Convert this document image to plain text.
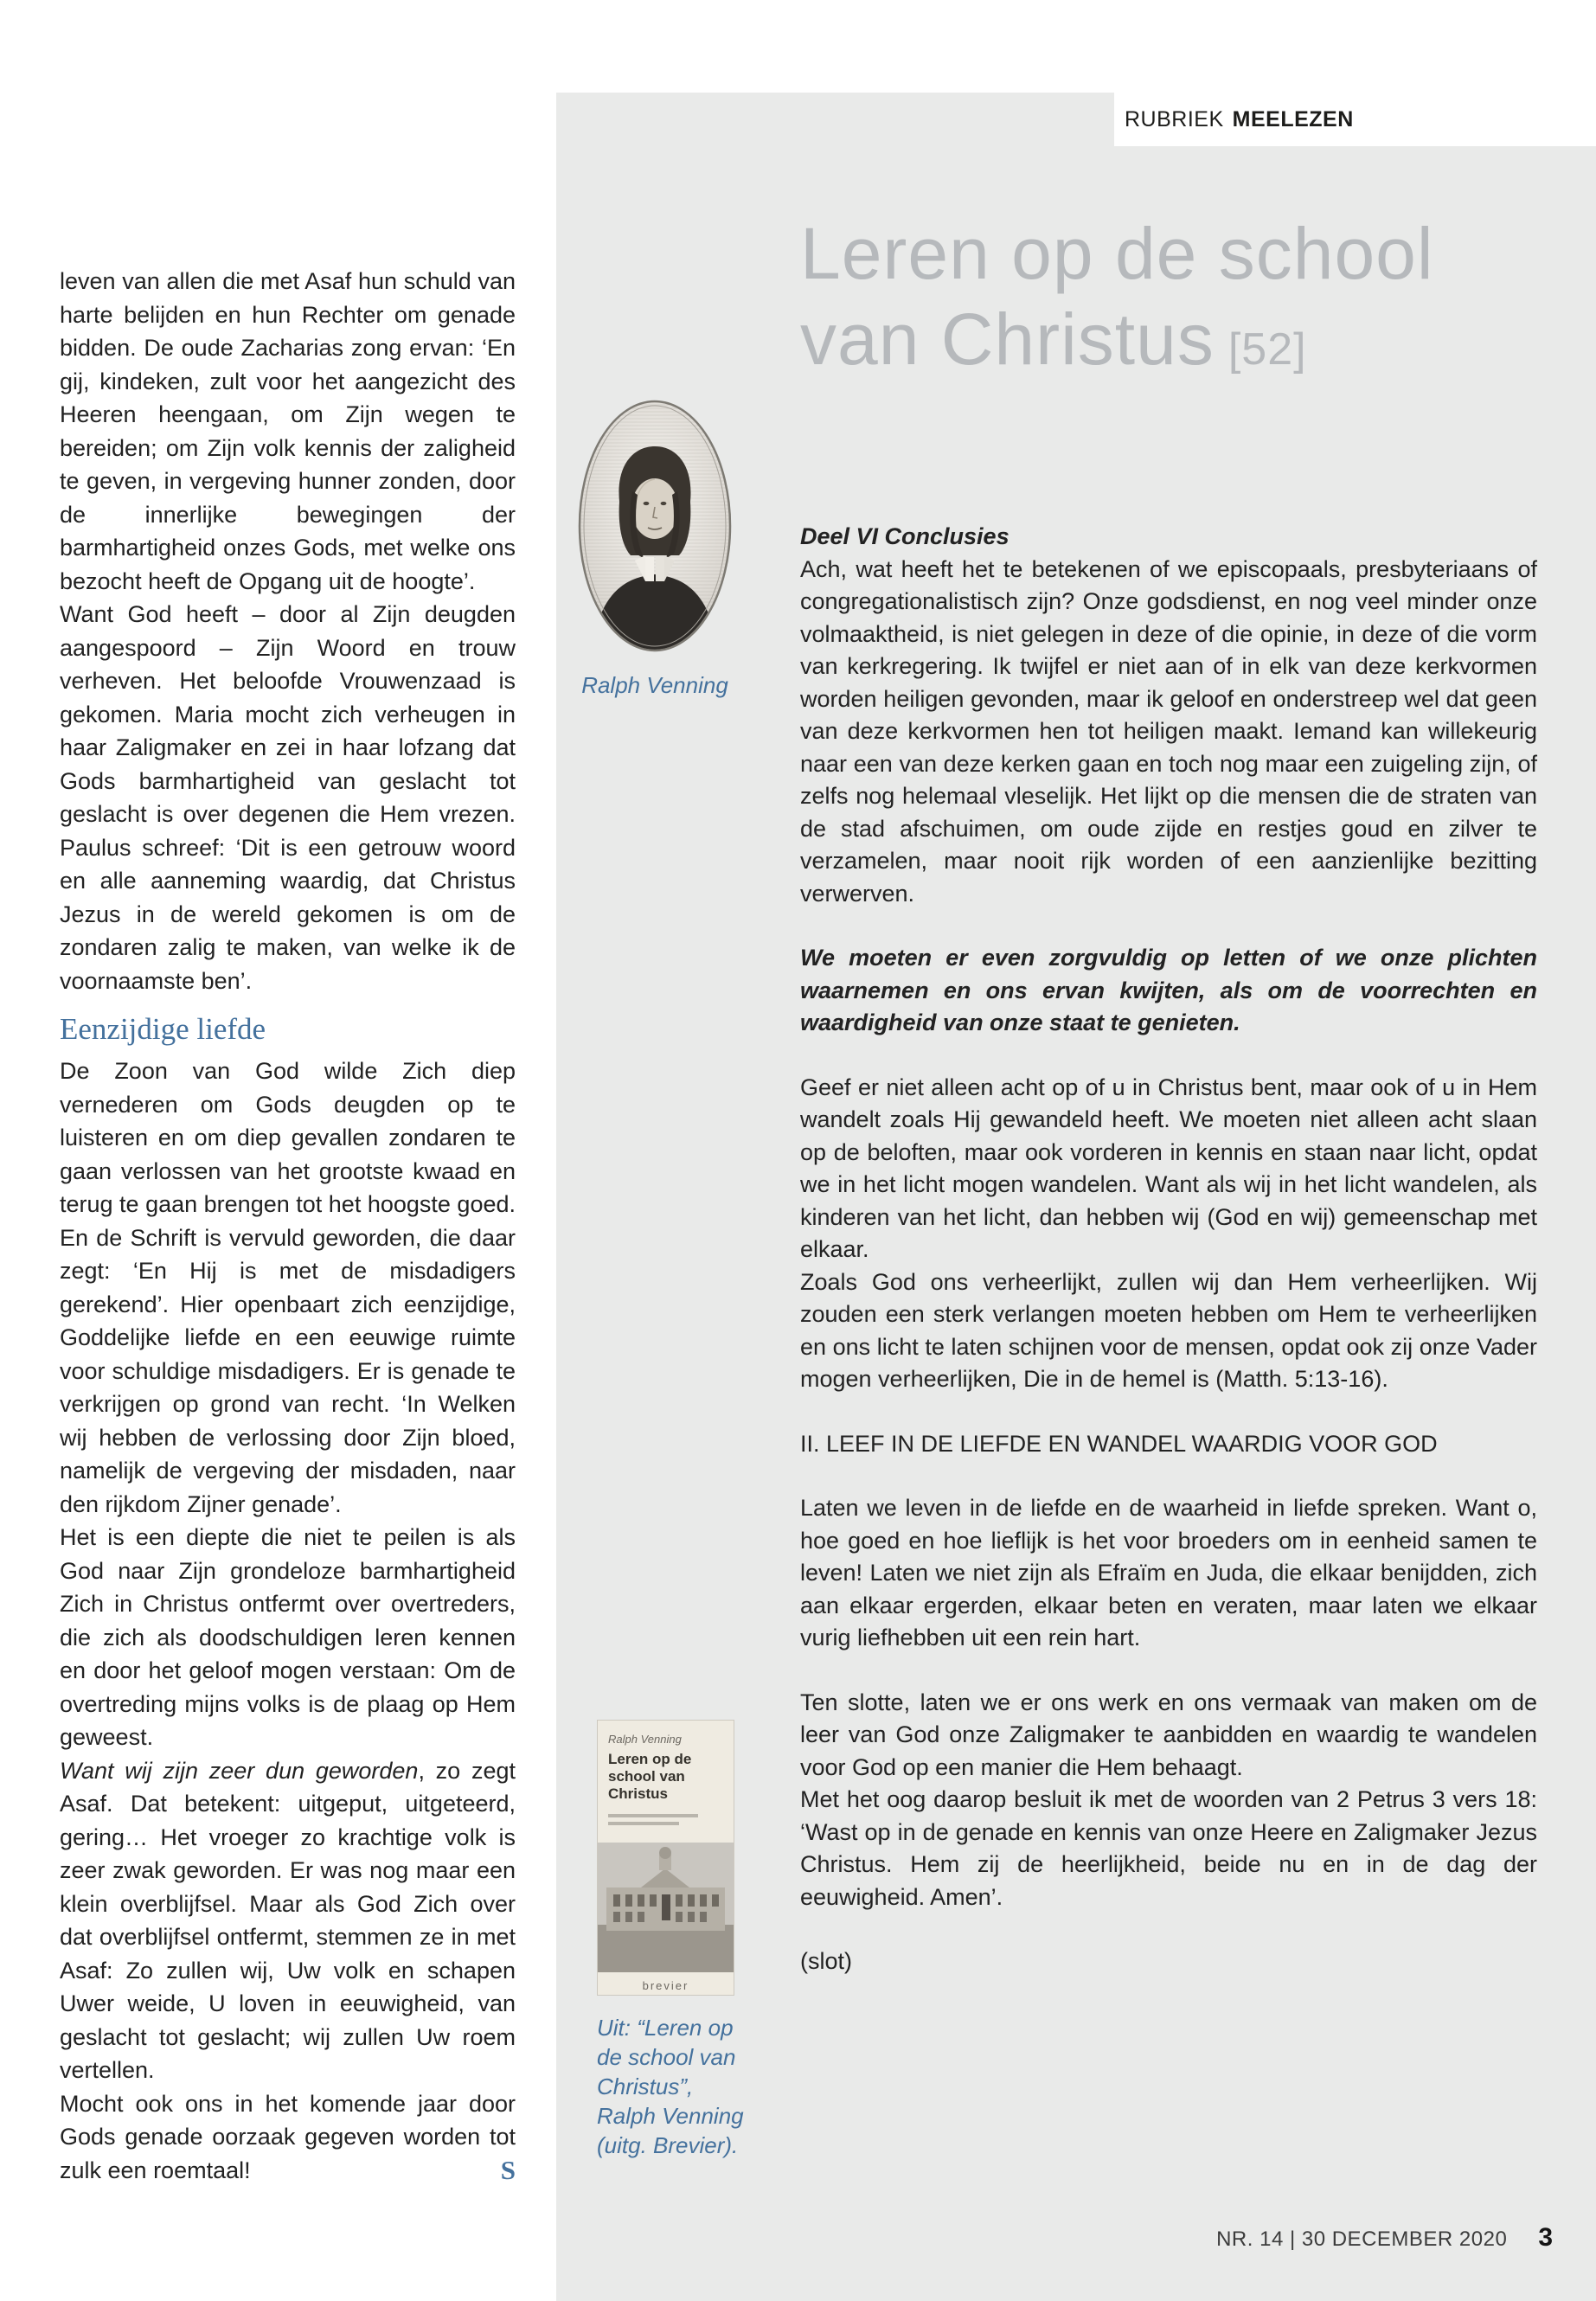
RUBRIEK MEELEZEN
Leren op de school
van Christus [52]
Ralph Venning

Deel VI Conclusies

Ach, wat heeft het te betekenen of we episcopaals, presbyteriaans of congregationalistisch zijn? Onze godsdienst, en nog veel minder onze volmaaktheid, is niet gelegen in deze of die opinie, in deze of die vorm van kerkregering. Ik twijfel er niet aan of in elk van deze kerkvormen worden heiligen gevonden, maar ik geloof en onderstreep wel dat geen van deze kerkvormen hen tot heiligen maakt. Iemand kan willekeurig naar een van deze kerken gaan en toch nog maar een zuigeling zijn, of zelfs nog helemaal vleselijk. Het lijkt op die mensen die de straten van de stad afschuimen, om oude zijde en restjes goud en zilver te verzamelen, maar nooit rijk worden of een aanzienlijke bezitting verwerven.

We moeten er even zorgvuldig op letten of we onze plichten waarnemen en ons ervan kwijten, als om de voorrechten en waardigheid van onze staat te genieten.

Geef er niet alleen acht op of u in Christus bent, maar ook of u in Hem wandelt zoals Hij gewandeld heeft. We moeten niet alleen acht slaan op de beloften, maar ook vorderen in kennis en staan naar licht, opdat we in het licht mogen wandelen. Want als wij in het licht wandelen, als kinderen van het licht, dan hebben wij (God en wij) gemeenschap met elkaar.

Zoals God ons verheerlijkt, zullen wij dan Hem verheerlijken. Wij zouden een sterk verlangen moeten hebben om Hem te verheerlijken en ons licht te laten schijnen voor de mensen, opdat ook zij onze Vader mogen verheerlijken, Die in de hemel is (Matth. 5:13-16).

II. LEEF IN DE LIEFDE EN WANDEL WAARDIG VOOR GOD

Laten we leven in de liefde en de waarheid in liefde spreken. Want o, hoe goed en hoe lieflijk is het voor broeders om in eenheid samen te leven! Laten we niet zijn als Efraïm en Juda, die elkaar benijdden, zich aan elkaar ergerden, elkaar beten en veraten, maar laten we elkaar vurig liefhebben uit een rein hart.

Ten slotte, laten we er ons werk en ons vermaak van maken om de leer van God onze Zaligmaker te aanbidden en waardig te wandelen voor God op een manier die Hem behaagt.

Met het oog daarop besluit ik met de woorden van 2 Petrus 3 vers 18: ‘Wast op in de genade en kennis van onze Heere en Zaligmaker Jezus Christus. Hem zij de heerlijkheid, beide nu en in de dag der eeuwigheid. Amen’.

(slot)

leven van allen die met Asaf hun schuld van harte belijden en hun Rechter om genade bidden. De oude Zacharias zong ervan: ‘En gij, kindeken, zult voor het aangezicht des Heeren heengaan, om Zijn wegen te bereiden; om Zijn volk kennis der zaligheid te geven, in vergeving hunner zonden, door de innerlijke bewegingen der barmhartigheid onzes Gods, met welke ons bezocht heeft de Opgang uit de hoogte’.

Want God heeft – door al Zijn deugden aangespoord – Zijn Woord en trouw verheven. Het beloofde Vrouwenzaad is gekomen. Maria mocht zich verheugen in haar Zaligmaker en zei in haar lofzang dat Gods barmhartigheid van geslacht tot geslacht is over degenen die Hem vrezen. Paulus schreef: ‘Dit is een getrouw woord en alle aanneming waardig, dat Christus Jezus in de wereld gekomen is om de zondaren zalig te maken, van welke ik de voornaamste ben’.

Eenzijdige liefde

De Zoon van God wilde Zich diep vernederen om Gods deugden op te luisteren en om diep gevallen zondaren te gaan verlossen van het grootste kwaad en terug te gaan brengen tot het hoogste goed. En de Schrift is vervuld geworden, die daar zegt: ‘En Hij is met de misdadigers gerekend’. Hier openbaart zich eenzijdige, Goddelijke liefde en een eeuwige ruimte voor schuldige misdadigers. Er is genade te verkrijgen op grond van recht. ‘In Welken wij hebben de verlossing door Zijn bloed, namelijk de vergeving der misdaden, naar den rijkdom Zijner genade’.

Het is een diepte die niet te peilen is als God naar Zijn grondeloze barmhartigheid Zich in Christus ontfermt over overtreders, die zich als doodschuldigen leren kennen en door het geloof mogen verstaan: Om de overtreding mijns volks is de plaag op Hem geweest.

Want wij zijn zeer dun geworden, zo zegt Asaf. Dat betekent: uitgeput, uitgeteerd, gering… Het vroeger zo krachtige volk is zeer zwak geworden. Er was nog maar een klein overblijfsel. Maar als God Zich over dat overblijfsel ontfermt, stemmen ze in met Asaf: Zo zullen wij, Uw volk en schapen Uwer weide, U loven in eeuwigheid, van geslacht tot geslacht; wij zullen Uw roem vertellen.

Mocht ook ons in het komende jaar door Gods genade oorzaak gegeven worden tot zulk een roemtaal!	S

Ralph Venning
Leren op de school van Christus
brevier
Uit: “Leren op de school van Christus”, Ralph Venning (uitg. Brevier).
NR. 14 | 30 DECEMBER 2020 3
